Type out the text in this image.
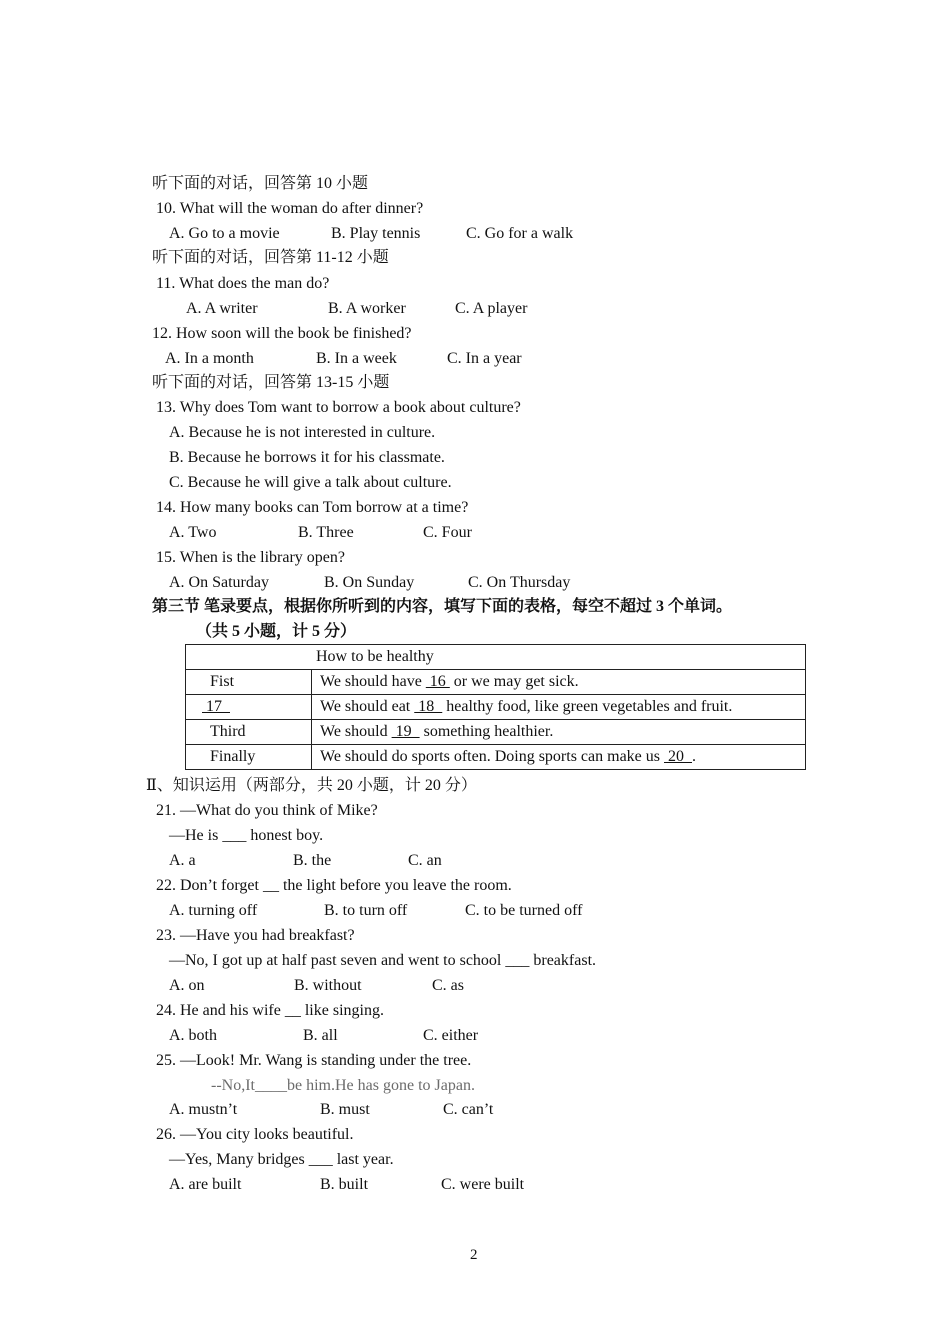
听下面的对话，回答第 10 小题
10. What will the woman do after dinner?
A. Go to a movie	B. Play tennis	C. Go for a walk
听下面的对话，回答第 11-12 小题
11. What does the man do?
A. A writer	B. A worker	C. A player
12. How soon will the book be finished?
A. In a month	B. In a week	C. In a year
听下面的对话，回答第 13-15 小题
13. Why does Tom want to borrow a book about culture?
A. Because he is not interested in culture.
B. Because he borrows it for his classmate.
C. Because he will give a talk about culture.
14. How many books can Tom borrow at a time?
A. Two	B. Three	C. Four
15. When is the library open?
A. On Saturday	B. On Sunday	C. On Thursday
第三节 笔录要点，根据你所听到的内容，填写下面的表格，每空不超过 3 个单词。
（共 5 小题，计 5 分）
How to be healthy	
Fist	We should have  16  or we may get sick.
17	We should eat  18   healthy food, like green vegetables and fruit.
Third	We should  19   something healthier.
Finally	We should do sports often. Doing sports can make us  20  .
Ⅱ、知识运用（两部分，共 20 小题，计 20 分）
21. —What do you think of Mike?
—He is ___ honest boy.
A. a	B. the	C. an
22. Don’t forget __ the light before you leave the room.
A. turning off	B. to turn off	C. to be turned off
23. —Have you had breakfast?
—No, I got up at half past seven and went to school ___ breakfast.
A. on	B. without	C. as
24. He and his wife __ like singing.
A. both	B. all	C. either
25. —Look! Mr. Wang is standing under the tree.
--No,It____be him.He has gone to Japan.
A. mustn’t	B. must	C. can’t
26. —You city looks beautiful.
—Yes, Many bridges ___ last year.
A. are built	B. built	C. were built
2
